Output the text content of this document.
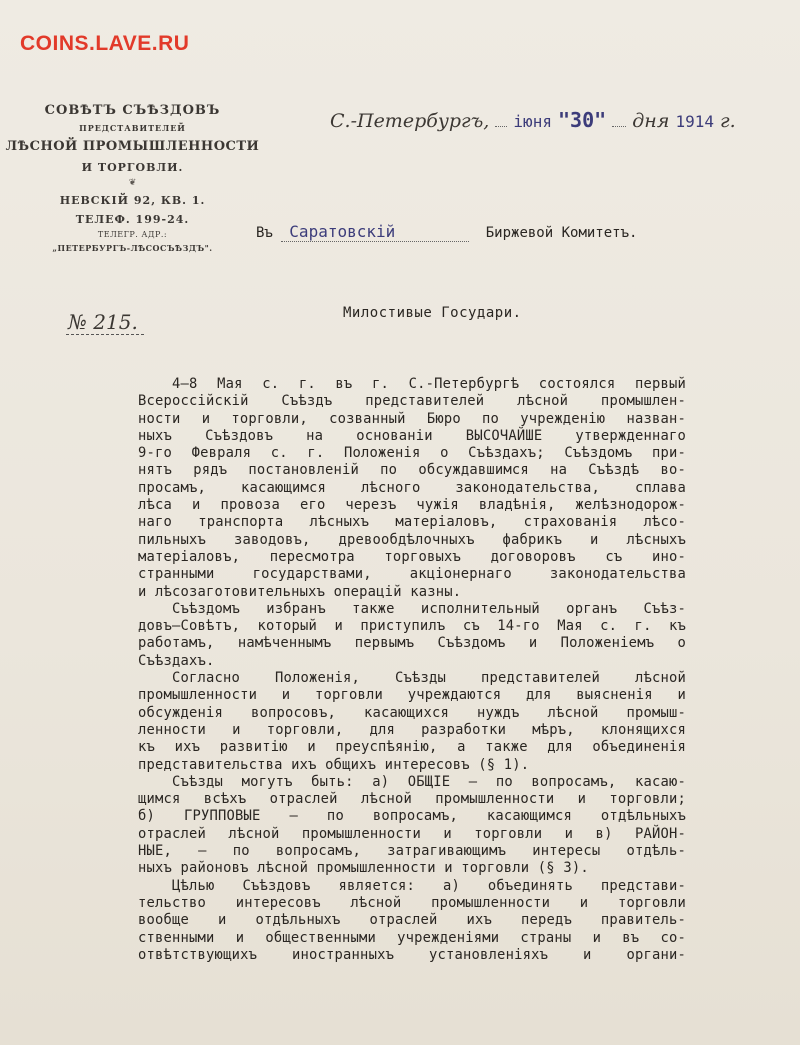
COINS.LAVE.RU
СОВѢТЪ СЪѢЗДОВЪ
ПРЕДСТАВИТЕЛЕЙ
ЛѢСНОЙ ПРОМЫШЛЕННОСТИ
И ТОРГОВЛИ.
❦
НЕВСКІЙ 92, КВ. 1.
ТЕЛЕФ. 199-24.
ТЕЛЕГР. АДР.:
„ПЕТЕРБУРГЪ-ЛѢСОСЪѢЗДЪ".
№ 215.
С.-Петербургъ, іюня "30" дня 1914 г.
Въ Саратовскій	Биржевой Комитетъ.
Милостивые Государи.
4—8 Мая с. г. въ г. С.-Петербургѣ состоялся первый
Всероссійскій Съѣздъ представителей лѣсной промышлен-
ности и торговли, созванный Бюро по учрежденію назван-
ныхъ Съѣздовъ на основаніи ВЫСОЧАЙШЕ утвержденнаго
9-го Февраля с. г. Положенія о Съѣздахъ; Съѣздомъ при-
нятъ рядъ постановленій по обсуждавшимся на Съѣздѣ во-
просамъ, касающимся лѣсного законодательства, сплава
лѣса и провоза его черезъ чужія владѣнія, желѣзнодорож-
наго транспорта лѣсныхъ матеріаловъ, страхованія лѣсо-
пильныхъ заводовъ, древообдѣлочныхъ фабрикъ и лѣсныхъ
матеріаловъ, пересмотра торговыхъ договоровъ съ ино-
странными государствами, акціонернаго законодательства
и лѣсозаготовительныхъ операцій казны.
Съѣздомъ избранъ также исполнительный органъ Съѣз-
довъ—Совѣтъ, который и приступилъ съ 14-го Мая с. г. къ
работамъ, намѣченнымъ первымъ Съѣздомъ и Положеніемъ о
Съѣздахъ.
Согласно Положенія, Съѣзды представителей лѣсной
промышленности и торговли учреждаются для выясненія и
обсужденія вопросовъ, касающихся нуждъ лѣсной промыш-
ленности и торговли, для разработки мѣръ, клонящихся
къ ихъ развитію и преуспѣянію, а также для объединенія
представительства ихъ общихъ интересовъ (§ 1).
Съѣзды могутъ быть: а) ОБЩІЕ — по вопросамъ, касаю-
щимся всѣхъ отраслей лѣсной промышленности и торговли;
б) ГРУППОВЫЕ — по вопросамъ, касающимся отдѣльныхъ
отраслей лѣсной промышленности и торговли и в) РАЙОН-
НЫЕ, — по вопросамъ, затрагивающимъ интересы отдѣль-
ныхъ районовъ лѣсной промышленности и торговли (§ 3).
Цѣлью Съѣздовъ является: а) объединять представи-
тельство интересовъ лѣсной промышленности и торговли
вообще и отдѣльныхъ отраслей ихъ передъ правитель-
ственными и общественными учрежденіями страны и въ со-
отвѣтствующихъ иностранныхъ установленіяхъ и органи-
